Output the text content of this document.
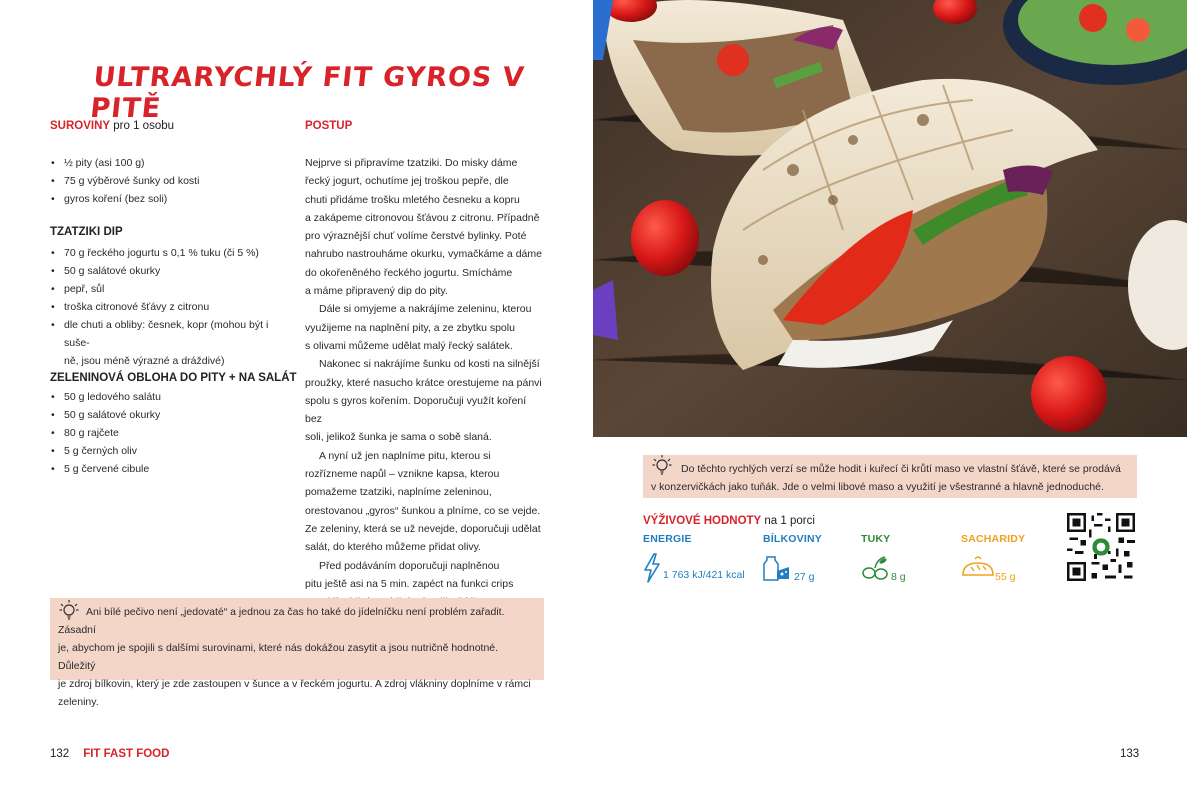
ULTRARYCHLÝ FIT GYROS V PITĚ
SUROVINY pro 1 osobu
• ½ pity (asi 100 g)
• 75 g výběrové šunky od kosti
• gyros koření (bez soli)
TZATZIKI DIP
• 70 g řeckého jogurtu s 0,1 % tuku (či 5 %)
• 50 g salátové okurky
• pepř, sůl
• troška citronové šťávy z citronu
• dle chuti a obliby: česnek, kopr (mohou být i suše-
ně, jsou méně výrazné a dráždivé)
ZELENINOVÁ OBLOHA DO PITY + NA SALÁT
• 50 g ledového salátu
• 50 g salátové okurky
• 80 g rajčete
• 5 g černých oliv
• 5 g červené cibule
POSTUP

Nejprve si připravíme tzatziki. Do misky dáme

řecký jogurt, ochutíme jej troškou pepře, dle

chuti přidáme trošku mletého česneku a kopru

a zakápeme citronovou šťávou z citronu. Případně

pro výraznější chuť volíme čerstvé bylinky. Poté

nahrubo nastrouháme okurku, vymačkáme a dáme

do okořeněného řeckého jogurtu. Smícháme

a máme připravený dip do pity.

Dále si omyjeme a nakrájíme zeleninu, kterou

využijeme na naplnění pity, a ze zbytku spolu

s olivami můžeme udělat malý řecký salátek.

Nakonec si nakrájíme šunku od kosti na silnější

proužky, které nasucho krátce orestujeme na pánvi

spolu s gyros kořením. Doporučuji využít koření bez

soli, jelikož šunka je sama o sobě slaná.

A nyní už jen naplníme pitu, kterou si

rozřízneme napůl – vznikne kapsa, kterou

pomažeme tzatziki, naplníme zeleninou,

orestovanou „gyros“ šunkou a plníme, co se vejde.

Ze zeleniny, která se už nevejde, doporučuji udělat

salát, do kterého můžeme přidat olivy.

Před podáváním doporučuji naplněnou

pitu ještě asi na 5 min. zapéct na funkci crips

Ani bílé pečivo není „jedovaté“ a jednou za čas ho také do jídelníčku není problém zařadit. Zásadní
je, abychom je spojili s dalšími surovinami, které nás dokážou zasytit a jsou nutričně hodnotné. Důležitý
je zdroj bílkovin, který je zde zastoupen v šunce a v řeckém jogurtu. A zdroj vlákniny doplníme v rámci
zeleniny.
132 FIT FAST FOOD
Do těchto rychlých verzí se může hodit i kuřecí či krůtí maso ve vlastní šťávě, které se prodává
v konzervičkách jako tuňák. Jde o velmi libové maso a využití je všestranné a hlavně jednoduché.
VÝŽIVOVÉ HODNOTY na 1 porci
ENERGIE
1 763 kJ/421 kcal
BÍLKOVINY
27 g
TUKY
8 g
SACHARIDY
55 g
133
